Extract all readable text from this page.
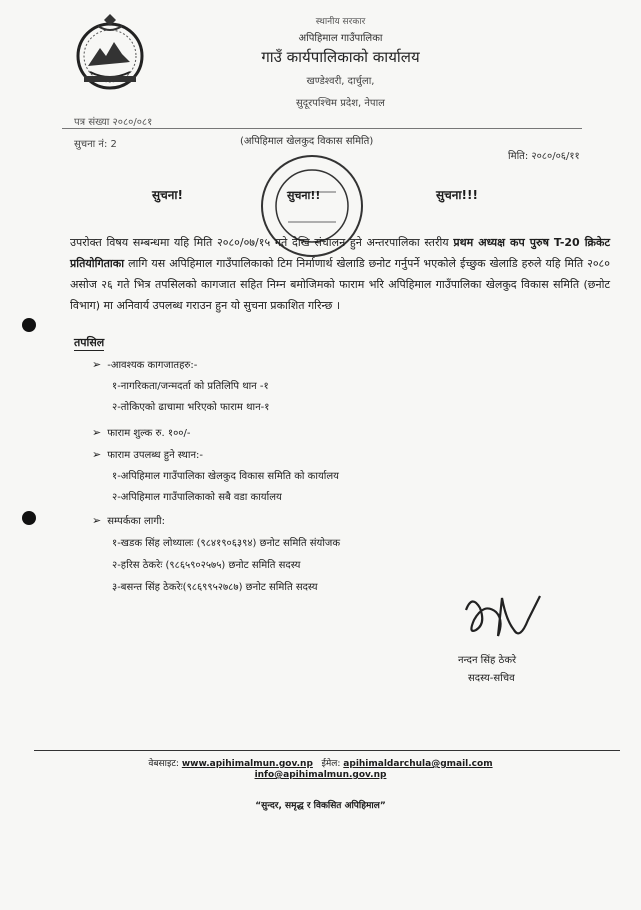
स्थानीय सरकार
अपिहिमाल गाउँपालिका
गाउँ कार्यपालिकाको कार्यालय
खण्डेश्वरी, दार्चुला,
सुदूरपश्चिम प्रदेश, नेपाल
पत्र संख्या २०८०/०८१
सुचना नं: 2	(अपिहिमाल खेलकुद विकास समिति)
मिति: २०८०/०६/११
सुचना!	सुचना!!	सुचना!!!
उपरोक्त विषय सम्बन्धमा यहि मिति २०८०/०७/१५ गते देखि संचालन हुने अन्तरपालिका स्तरीय प्रथम अध्यक्ष कप पुरुष T-20 क्रिकेट प्रतियोगिताका लागि यस अपिहिमाल गाउँपालिकाको टिम निर्माणार्थ खेलाडि छनोट गर्नुपर्ने भएकोले ईच्छुक खेलाडि हरुले यहि मिति २०८० असोज २६ गते भित्र तपसिलको कागजात सहित निम्न बमोजिमको फाराम भरि अपिहिमाल गाउँपालिका खेलकुद विकास समिति (छनोट विभाग) मा अनिवार्य उपलब्ध गराउन हुन यो सुचना प्रकाशित गरिन्छ ।
तपसिल
➢ -आवश्यक कागजातहरु:-
१-नागरिकता/जन्मदर्ता को प्रतिलिपि थान -१
२-तोकिएको ढाचामा भरिएको फाराम थान-१
➢ फाराम शुल्क रु. १००/-
➢ फाराम उपलब्ध हुने स्थान:-
१-अपिहिमाल गाउँपालिका खेलकुद विकास समिति को कार्यालय
२-अपिहिमाल गाउँपालिकाको सबै वडा कार्यालय
➢ सम्पर्कका लागी:
१-खडक सिंह लोथ्यालः (९८४१९०६३९४) छनोट समिति संयोजक
२-हरिस ठेकरेः (९८६५९०२५७५) छनोट समिति सदस्य
३-बसन्त सिंह ठेकरेः(९८६९९५२७८७) छनोट समिति सदस्य
नन्दन सिंह ठेकरे
सदस्य-सचिव
वेबसाइट: www.apihimalmun.gov.np ईमेल: apihimaldarchula@gmail.com
info@apihimalmun.gov.np
“सुन्दर, समृद्ध र विकसित अपिहिमाल”
